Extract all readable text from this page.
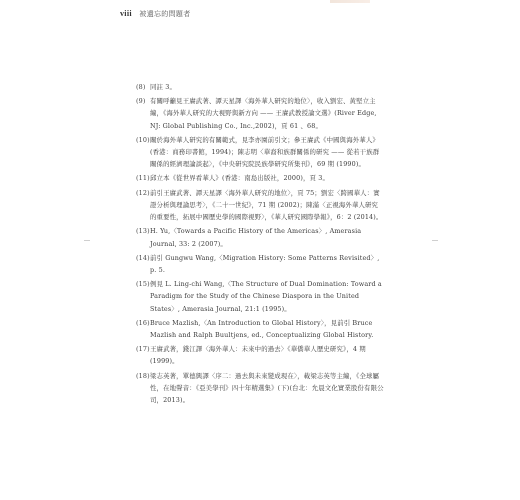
viii 被遺忘的問題者
(8) 同註 3。
(9) 有關呼籲見王賡武著、譚天星譯〈海外華人研究的地位〉，收入劉宏、黃堅立主編，《海外華人研究的大視野與新方向 —— 王賡武教授論文選》(River Edge, NJ: Global Publishing Co., Inc.,2002)，頁 61 、68。
(10) 關於海外華人研究的有關範式，見李亦園前引文；參王賡武《中國與海外華人》(香港：商務印書館，1994)；陳志明〈華裔和族群關係的研究 —— 從若干族群關係的經濟理論談起〉，《中央研究院民族學研究所集刊》，69 期 (1990)。
(11) 邱立本《從世界看華人》(香港：南島出版社，2000)，頁 3。
(12) 前引王賡武著、譚天星譯〈海外華人研究的地位〉，頁 75；劉宏〈跨國華人：實證分析與理論思考〉，《二十一世紀》，71 期 (2002)；陳滿〈正視海外華人研究的重要性，拓展中國歷史學的國際視野〉，《華人研究國際學報》，6：2 (2014)。
(13) H. Yu,〈Towards a Pacific History of the Americas〉, Amerasia Journal, 33: 2 (2007)。
(14) 前引 Gungwu Wang,〈Migration History: Some Patterns Revisited〉, p. 5.
(15) 例見 L. Ling-chi Wang,〈The Structure of Dual Domination: Toward a Paradigm for the Study of the Chinese Diaspora in the United States〉, Amerasia Journal, 21:1 (1995)。
(16) Bruce Mazlish,〈An Introduction to Global History〉，見前引 Bruce Mazlish and Ralph Buultjens, ed., Conceptualizing Global History.
(17) 王賡武著，錢江譯〈海外華人：未來中的過去〉《華僑華人歷史研究》，4 期 (1999)。
(18) 梁志英著，單德興譯〈序二：過去與未來變成現在〉，載梁志英等主編，《全球屬性，在地聲音：《亞美學刊》四十年精選集》(下)(台北：允晨文化實業股份有限公司，2013)。
